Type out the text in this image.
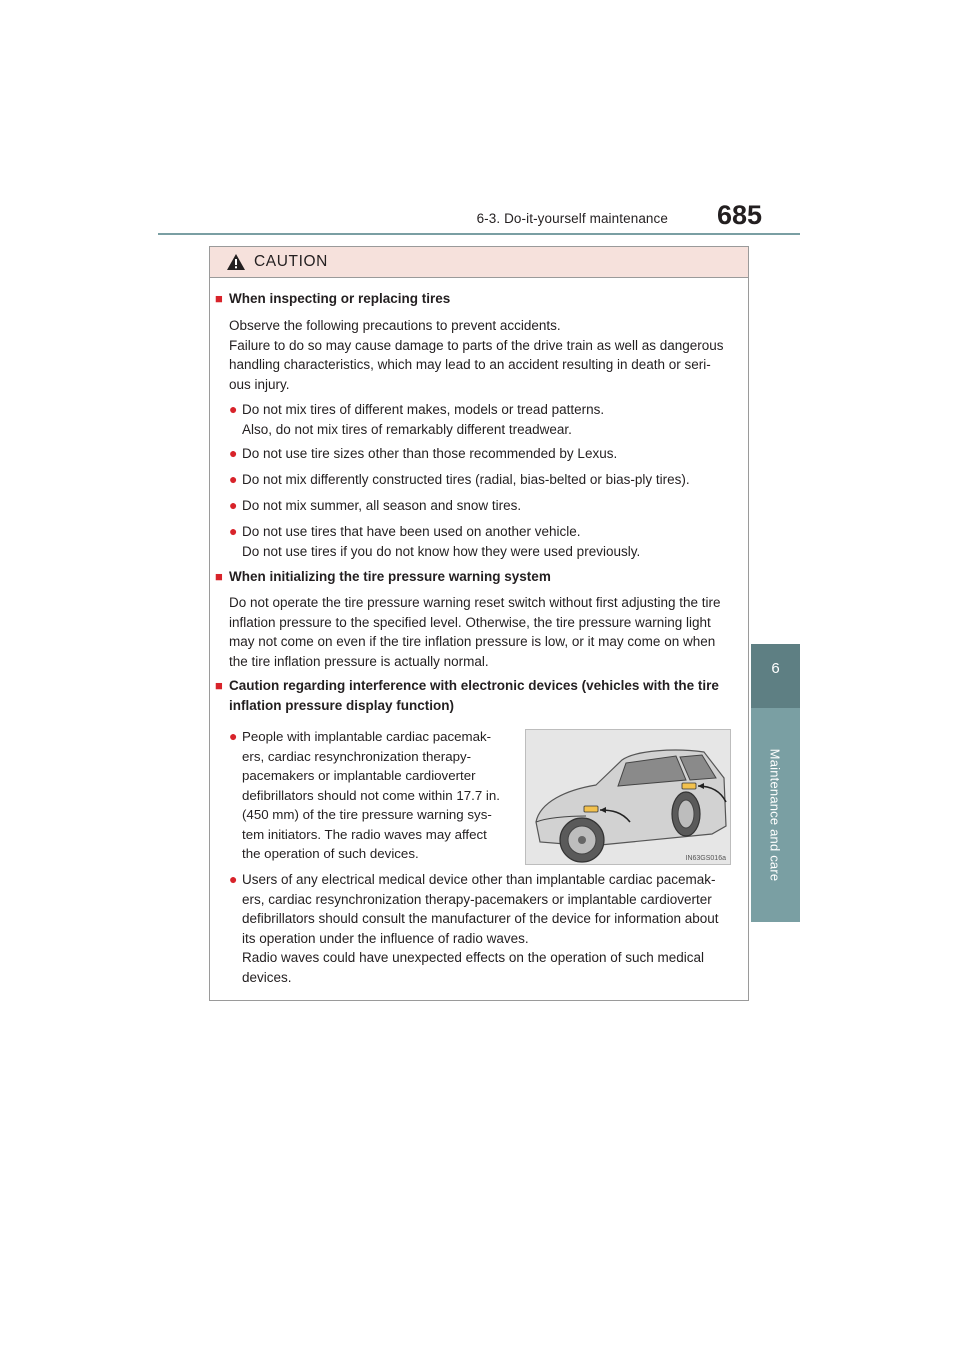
6-3. Do-it-yourself maintenance	685
6
Maintenance and care
CAUTION
■ When inspecting or replacing tires
Observe the following precautions to prevent accidents.
Failure to do so may cause damage to parts of the drive train as well as dangerous
handling characteristics, which may lead to an accident resulting in death or seri-
ous injury.
● Do not mix tires of different makes, models or tread patterns.
Also, do not mix tires of remarkably different treadwear.
● Do not use tire sizes other than those recommended by Lexus.
● Do not mix differently constructed tires (radial, bias-belted or bias-ply tires).
● Do not mix summer, all season and snow tires.
● Do not use tires that have been used on another vehicle.
Do not use tires if you do not know how they were used previously.
■ When initializing the tire pressure warning system
Do not operate the tire pressure warning reset switch without first adjusting the tire
inflation pressure to the specified level. Otherwise, the tire pressure warning light
may not come on even if the tire inflation pressure is low, or it may come on when
the tire inflation pressure is actually normal.
■ Caution regarding interference with electronic devices (vehicles with the tire
inflation pressure display function)
● People with implantable cardiac pacemak-
ers, cardiac resynchronization therapy-
pacemakers or implantable cardioverter
defibrillators should not come within 17.7 in.
(450 mm) of the tire pressure warning sys-
tem initiators. The radio waves may affect
the operation of such devices.	IN63GS016a
● Users of any electrical medical device other than implantable cardiac pacemak-
ers, cardiac resynchronization therapy-pacemakers or implantable cardioverter
defibrillators should consult the manufacturer of the device for information about
its operation under the influence of radio waves.
Radio waves could have unexpected effects on the operation of such medical
devices.
